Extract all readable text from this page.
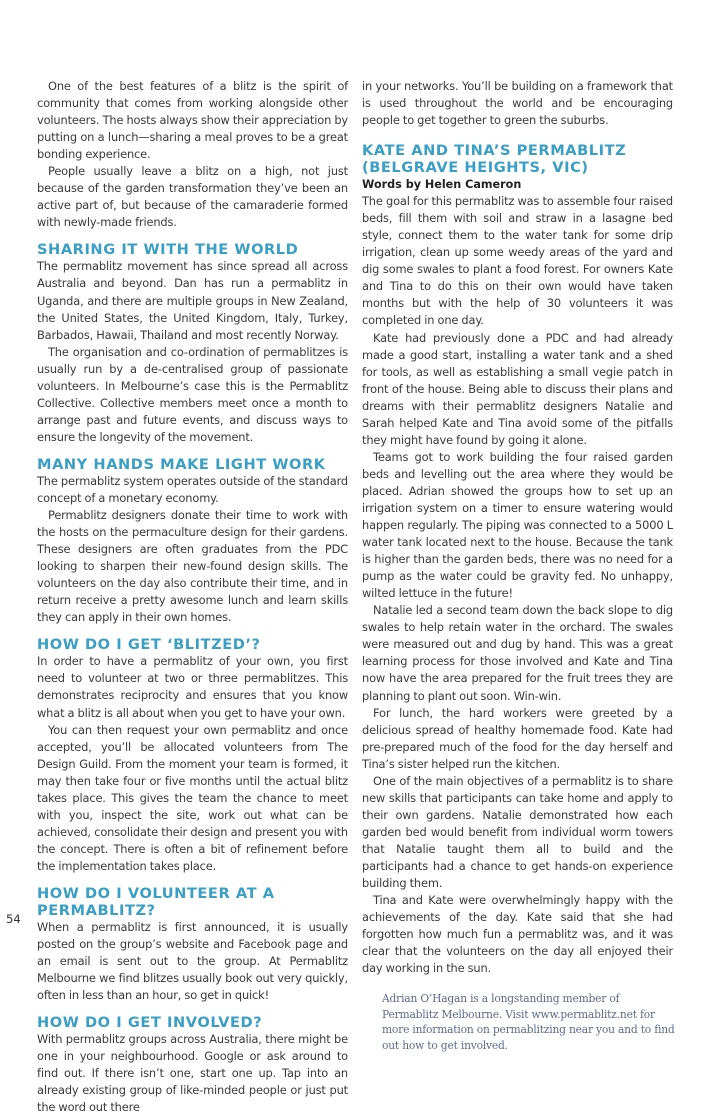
One of the best features of a blitz is the spirit of community that comes from working alongside other volunteers. The hosts always show their appreciation by putting on a lunch—sharing a meal proves to be a great bonding experience.

People usually leave a blitz on a high, not just because of the garden transformation they’ve been an active part of, but because of the camaraderie formed with newly-made friends.

SHARING IT WITH THE WORLD

The permablitz movement has since spread all across Australia and beyond. Dan has run a permablitz in Uganda, and there are multiple groups in New Zealand, the United States, the United Kingdom, Italy, Turkey, Barbados, Hawaii, Thailand and most recently Norway.

The organisation and co-ordination of permablitzes is usually run by a de-centralised group of passionate volunteers. In Melbourne’s case this is the Permablitz Collective. Collective members meet once a month to arrange past and future events, and discuss ways to ensure the longevity of the movement.

MANY HANDS MAKE LIGHT WORK

The permablitz system operates outside of the standard concept of a monetary economy.

Permablitz designers donate their time to work with the hosts on the permaculture design for their gardens. These designers are often graduates from the PDC looking to sharpen their new-found design skills. The volunteers on the day also contribute their time, and in return receive a pretty awesome lunch and learn skills they can apply in their own homes.

HOW DO I GET ‘BLITZED’?

In order to have a permablitz of your own, you first need to volunteer at two or three permablitzes. This demonstrates reciprocity and ensures that you know what a blitz is all about when you get to have your own.

You can then request your own permablitz and once accepted, you’ll be allocated volunteers from The Design Guild. From the moment your team is formed, it may then take four or five months until the actual blitz takes place. This gives the team the chance to meet with you, inspect the site, work out what can be achieved, consolidate their design and present you with the concept. There is often a bit of refinement before the implementation takes place.

HOW DO I VOLUNTEER AT A PERMABLITZ?

When a permablitz is first announced, it is usually posted on the group’s website and Facebook page and an email is sent out to the group. At Permablitz Melbourne we find blitzes usually book out very quickly, often in less than an hour, so get in quick!

HOW DO I GET INVOLVED?

With permablitz groups across Australia, there might be one in your neighbourhood. Google or ask around to find out. If there isn’t one, start one up. Tap into an already existing group of like-minded people or just put the word out there

in your networks. You’ll be building on a framework that is used throughout the world and be encouraging people to get together to green the suburbs.

KATE AND TINA’S PERMABLITZ
(BELGRAVE HEIGHTS, VIC)
Words by Helen Cameron

The goal for this permablitz was to assemble four raised beds, fill them with soil and straw in a lasagne bed style, connect them to the water tank for some drip irrigation, clean up some weedy areas of the yard and dig some swales to plant a food forest. For owners Kate and Tina to do this on their own would have taken months but with the help of 30 volunteers it was completed in one day.

Kate had previously done a PDC and had already made a good start, installing a water tank and a shed for tools, as well as establishing a small vegie patch in front of the house. Being able to discuss their plans and dreams with their permablitz designers Natalie and Sarah helped Kate and Tina avoid some of the pitfalls they might have found by going it alone.

Teams got to work building the four raised garden beds and levelling out the area where they would be placed. Adrian showed the groups how to set up an irrigation system on a timer to ensure watering would happen regularly. The piping was connected to a 5000 L water tank located next to the house. Because the tank is higher than the garden beds, there was no need for a pump as the water could be gravity fed. No unhappy, wilted lettuce in the future!

Natalie led a second team down the back slope to dig swales to help retain water in the orchard. The swales were measured out and dug by hand. This was a great learning process for those involved and Kate and Tina now have the area prepared for the fruit trees they are planning to plant out soon. Win-win.

For lunch, the hard workers were greeted by a delicious spread of healthy homemade food. Kate had pre-prepared much of the food for the day herself and Tina’s sister helped run the kitchen.

One of the main objectives of a permablitz is to share new skills that participants can take home and apply to their own gardens. Natalie demonstrated how each garden bed would benefit from individual worm towers that Natalie taught them all to build and the participants had a chance to get hands-on experience building them.

Tina and Kate were overwhelmingly happy with the achievements of the day. Kate said that she had forgotten how much fun a permablitz was, and it was clear that the volunteers on the day all enjoyed their day working in the sun.

Adrian O’Hagan is a longstanding member of Permablitz Melbourne. Visit www.permablitz.net for more information on permablitzing near you and to find out how to get involved.
54
